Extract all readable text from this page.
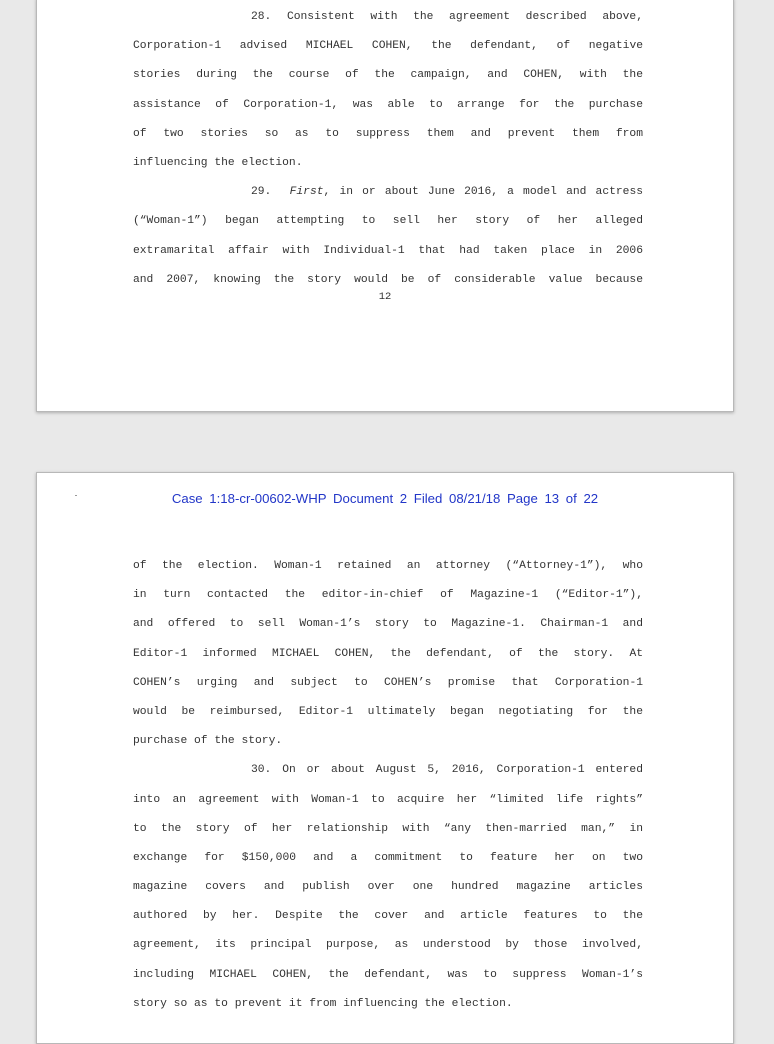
28. Consistent with the agreement described above,
Corporation-1 advised MICHAEL COHEN, the defendant, of negative
stories during the course of the campaign, and COHEN, with the
assistance of Corporation-1, was able to arrange for the purchase
of two stories so as to suppress them and prevent them from
influencing the election.
29. First, in or about June 2016, a model and actress
(“Woman-1”) began attempting to sell her story of her alleged
extramarital affair with Individual-1 that had taken place in 2006
and 2007, knowing the story would be of considerable value because
12
Case 1:18-cr-00602-WHP Document 2 Filed 08/21/18 Page 13 of 22
of the election. Woman-1 retained an attorney (“Attorney-1”), who
in turn contacted the editor-in-chief of Magazine-1 (“Editor-1”),
and offered to sell Woman-1’s story to Magazine-1. Chairman-1 and
Editor-1 informed MICHAEL COHEN, the defendant, of the story. At
COHEN’s urging and subject to COHEN’s promise that Corporation-1
would be reimbursed, Editor-1 ultimately began negotiating for the
purchase of the story.
30. On or about August 5, 2016, Corporation-1 entered
into an agreement with Woman-1 to acquire her “limited life rights”
to the story of her relationship with “any then-married man,” in
exchange for $150,000 and a commitment to feature her on two
magazine covers and publish over one hundred magazine articles
authored by her. Despite the cover and article features to the
agreement, its principal purpose, as understood by those involved,
including MICHAEL COHEN, the defendant, was to suppress Woman-1’s
story so as to prevent it from influencing the election.
